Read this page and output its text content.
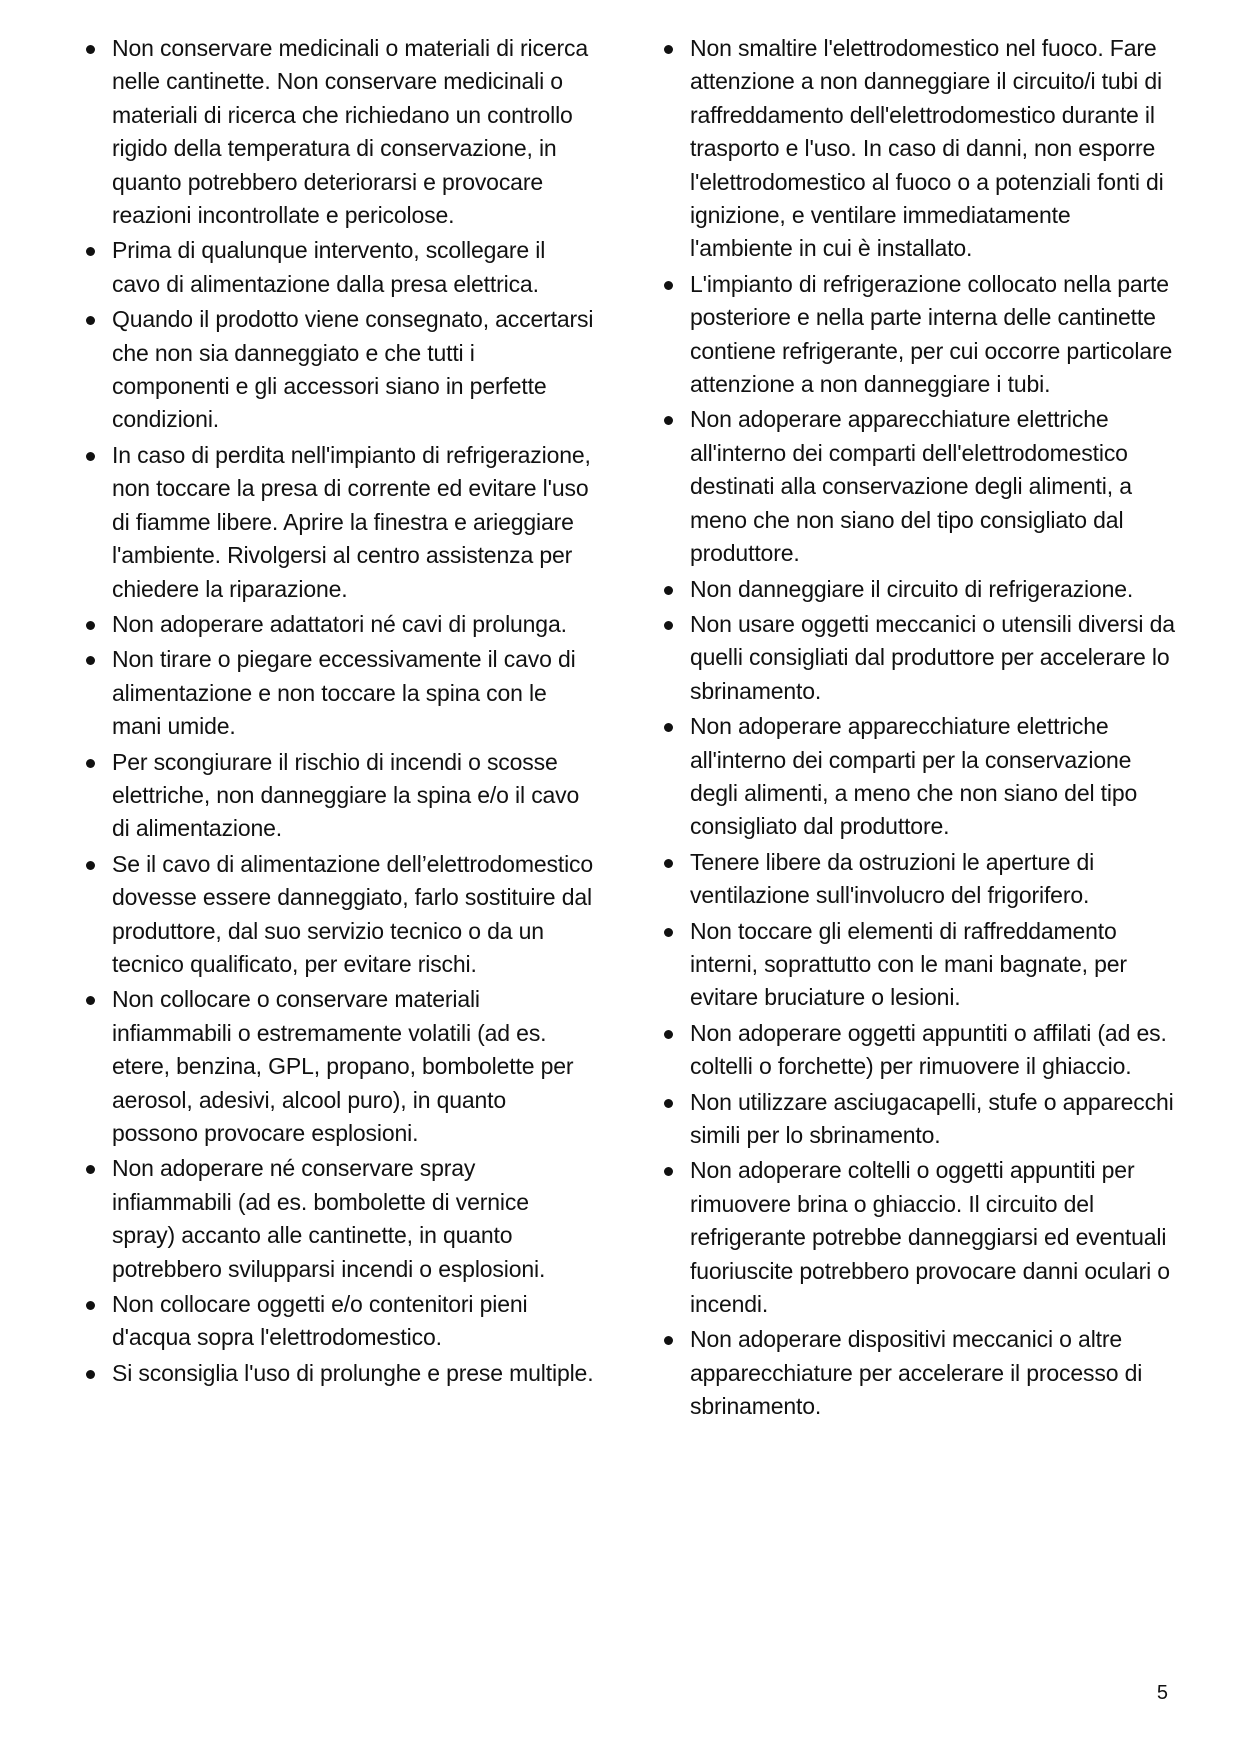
Non conservare medicinali o materiali di ricerca nelle cantinette. Non conservare medicinali o materiali di ricerca che richiedano un controllo rigido della temperatura di conservazione, in quanto potrebbero deteriorarsi e provocare reazioni incontrollate e pericolose.
Prima di qualunque intervento, scollegare il cavo di alimentazione dalla presa elettrica.
Quando il prodotto viene consegnato, accertarsi che non sia danneggiato e che tutti i componenti e gli accessori siano in perfette condizioni.
In caso di perdita nell'impianto di refrigerazione, non toccare la presa di corrente ed evitare l'uso di fiamme libere. Aprire la finestra e arieggiare l'ambiente. Rivolgersi al centro assistenza per chiedere la riparazione.
Non adoperare adattatori né cavi di prolunga.
Non tirare o piegare eccessivamente il cavo di alimentazione e non toccare la spina con le mani umide.
Per scongiurare il rischio di incendi o scosse elettriche, non danneggiare la spina e/o il cavo di alimentazione.
Se il cavo di alimentazione dell’elettrodomestico dovesse essere danneggiato, farlo sostituire dal produttore, dal suo servizio tecnico o da un tecnico qualificato, per evitare rischi.
Non collocare o conservare materiali infiammabili o estremamente volatili (ad es. etere, benzina, GPL, propano, bombolette per aerosol, adesivi, alcool puro), in quanto possono provocare esplosioni.
Non adoperare né conservare spray infiammabili (ad es. bombolette di vernice spray) accanto alle cantinette, in quanto potrebbero svilupparsi incendi o esplosioni.
Non collocare oggetti e/o contenitori pieni d'acqua sopra l'elettrodomestico.
Si sconsiglia l'uso di prolunghe e prese multiple.
Non smaltire l'elettrodomestico nel fuoco. Fare attenzione a non danneggiare il circuito/i tubi di raffreddamento dell'elettrodomestico durante il trasporto e l'uso. In caso di danni, non esporre l'elettrodomestico al fuoco o a potenziali fonti di ignizione, e ventilare immediatamente l'ambiente in cui è installato.
L'impianto di refrigerazione collocato nella parte posteriore e nella parte interna delle cantinette contiene refrigerante, per cui occorre particolare attenzione a non danneggiare i tubi.
Non adoperare apparecchiature elettriche all'interno dei comparti dell'elettrodomestico destinati alla conservazione degli alimenti, a meno che non siano del tipo consigliato dal produttore.
Non danneggiare il circuito di refrigerazione.
Non usare oggetti meccanici o utensili diversi da quelli consigliati dal produttore per accelerare lo sbrinamento.
Non adoperare apparecchiature elettriche all'interno dei comparti per la conservazione degli alimenti, a meno che non siano del tipo consigliato dal produttore.
Tenere libere da ostruzioni le aperture di ventilazione sull'involucro del frigorifero.
Non toccare gli elementi di raffreddamento interni, soprattutto con le mani bagnate, per evitare bruciature o lesioni.
Non adoperare oggetti appuntiti o affilati (ad es. coltelli o forchette) per rimuovere il ghiaccio.
Non utilizzare asciugacapelli, stufe o apparecchi simili per lo sbrinamento.
Non adoperare coltelli o oggetti appuntiti per rimuovere brina o ghiaccio. Il circuito del refrigerante potrebbe danneggiarsi ed eventuali fuoriuscite potrebbero provocare danni oculari o incendi.
Non adoperare dispositivi meccanici o altre apparecchiature per accelerare il processo di sbrinamento.
5
